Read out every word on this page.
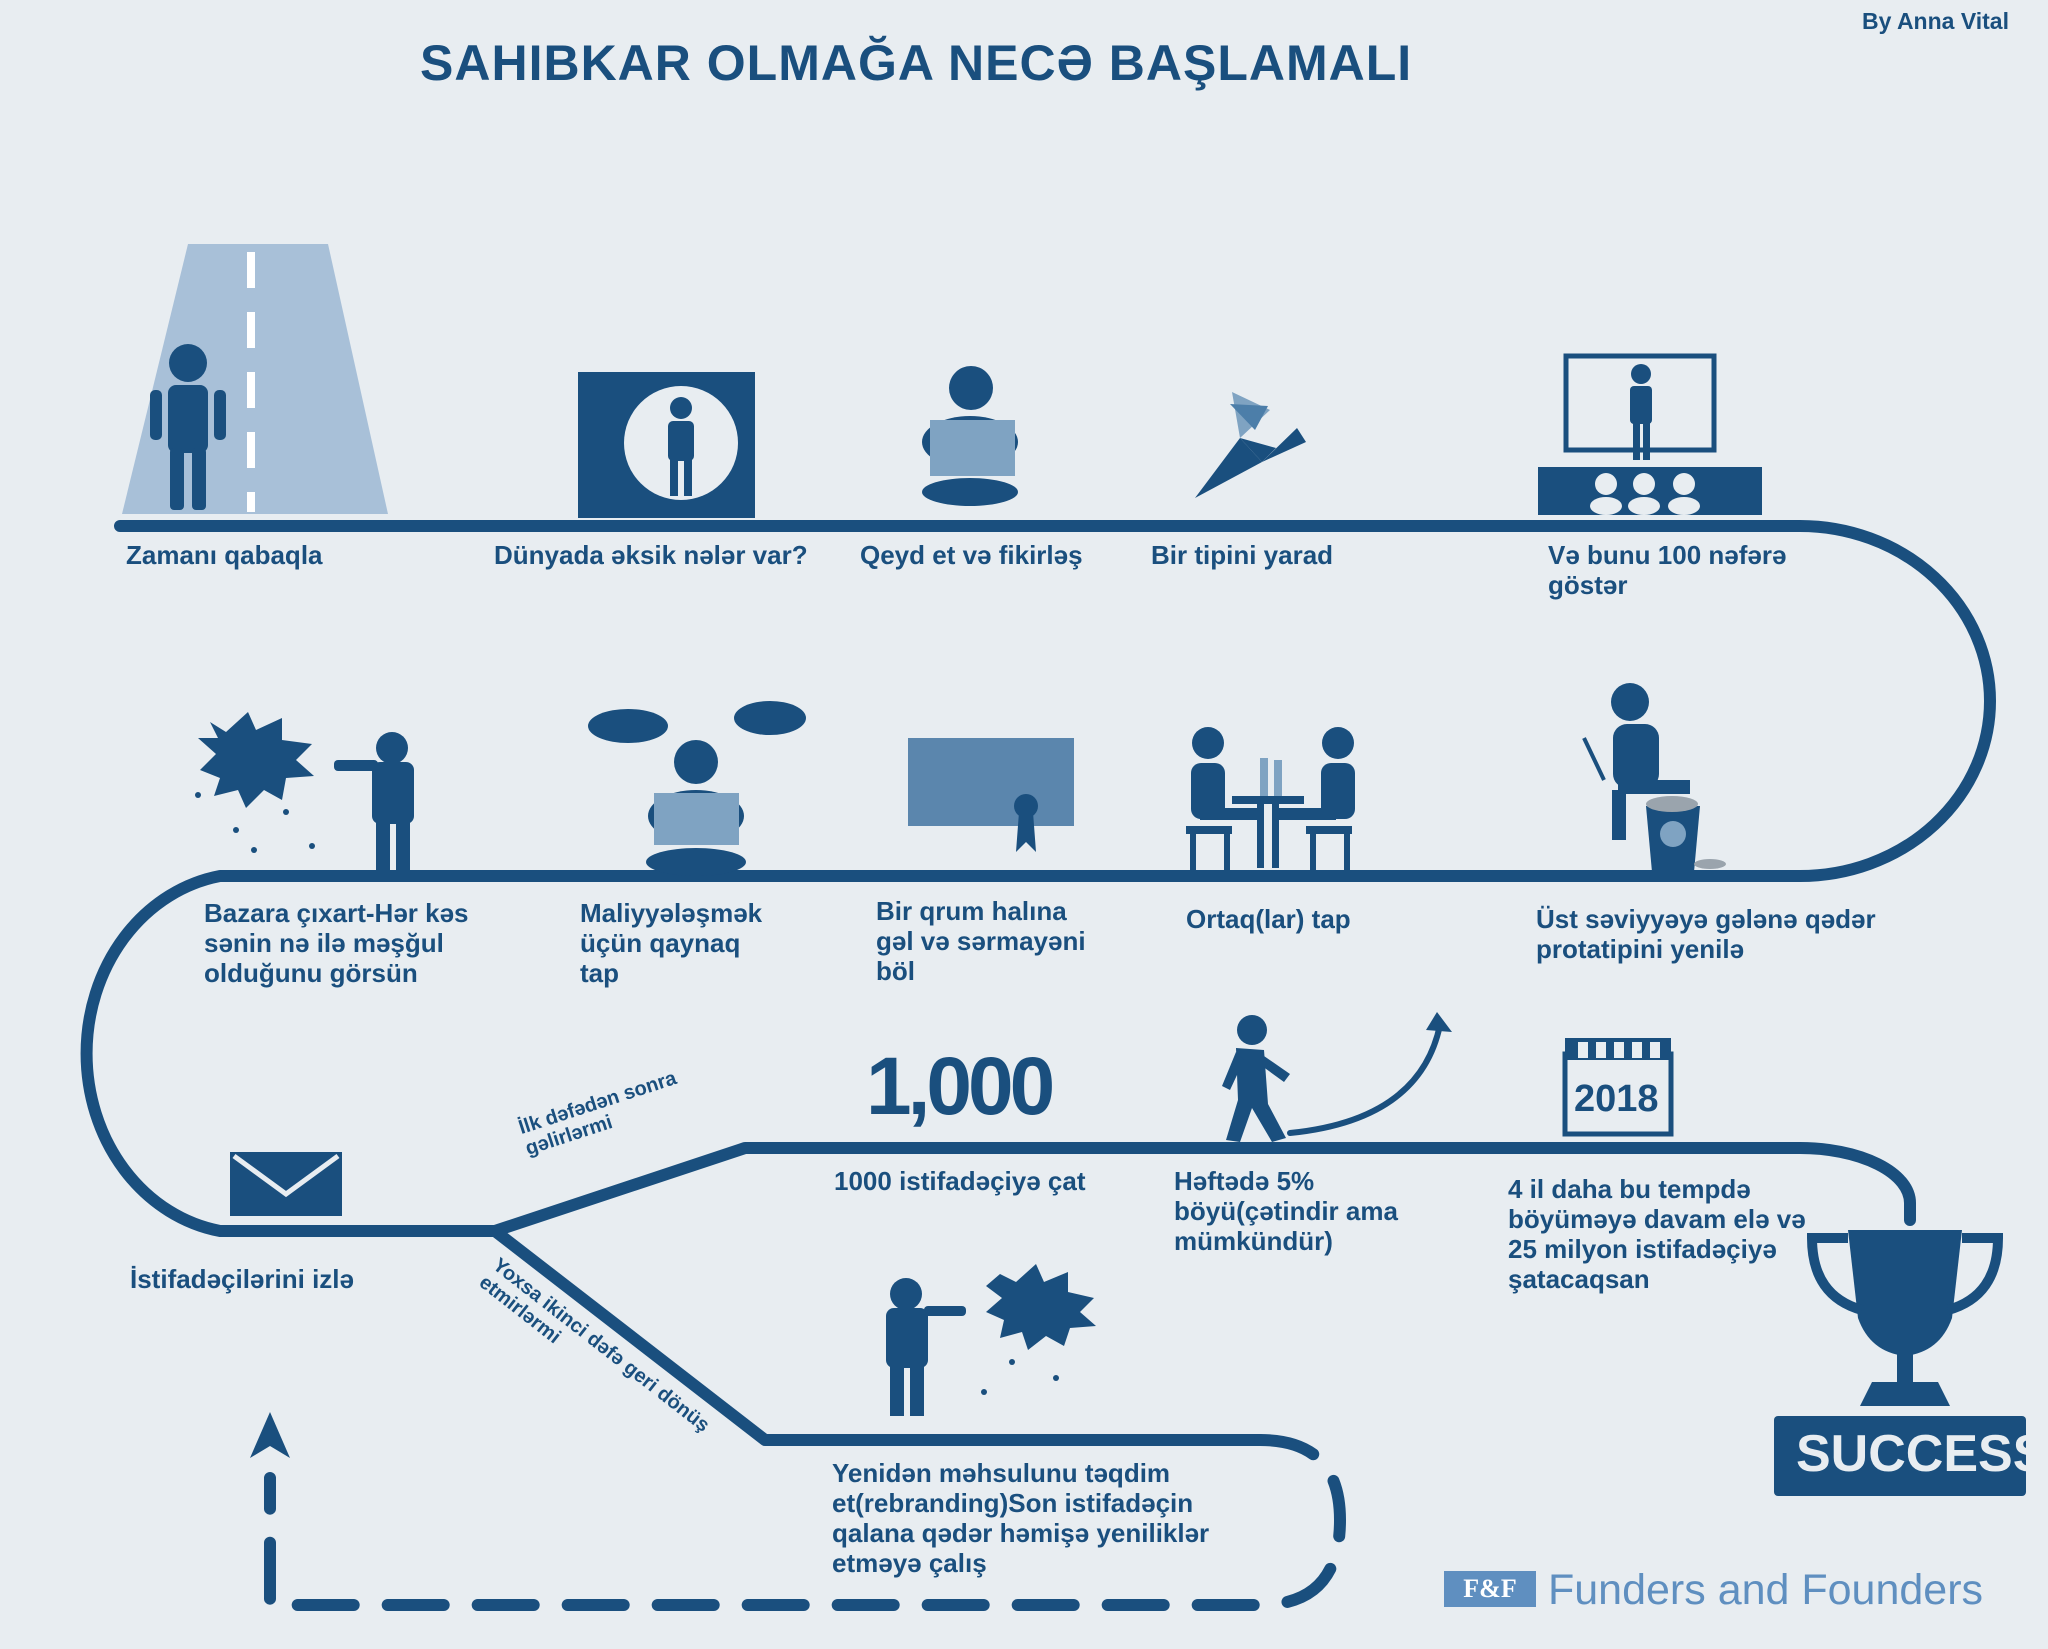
SAHIBKAR OLMAĞA NECƏ BAŞLAMALI
By Anna Vital
Zamanı qabaqla	Dünyada əksik nələr var? Qeyd et və fikirləş	Bir tipini yarad	Və bunu 100 nəfərə
göstər
Üst səviyyəyə gələnə qədər
protatipini yenilə
Ortaq(lar) tap
Bir qrum halına
gəl və sərmayəni
böl
Maliyyələşmək
üçün qaynaq
tap
Bazara çıxart-Hər kəs
sənin nə ilə məşğul
olduğunu görsün
İstifadəçilərini izlə
1000 istifadəçiyə çat	Həftədə 5%
böyü(çətindir ama
mümkündür)
4 il daha bu tempdə
böyüməyə davam elə və
25 milyon istifadəçiyə
şatacaqsan
Yenidən məhsulunu təqdim
et(rebranding)Son istifadəçin
qalana qədər həmişə yeniliklər
etməyə çalış
İlk dəfədən sonra
gəlirlərmi
Yoxsa ikinci dəfə geri dönüş
etmirlərmi
1,000	2018
SUCCESS
F&F Funders and Founders
